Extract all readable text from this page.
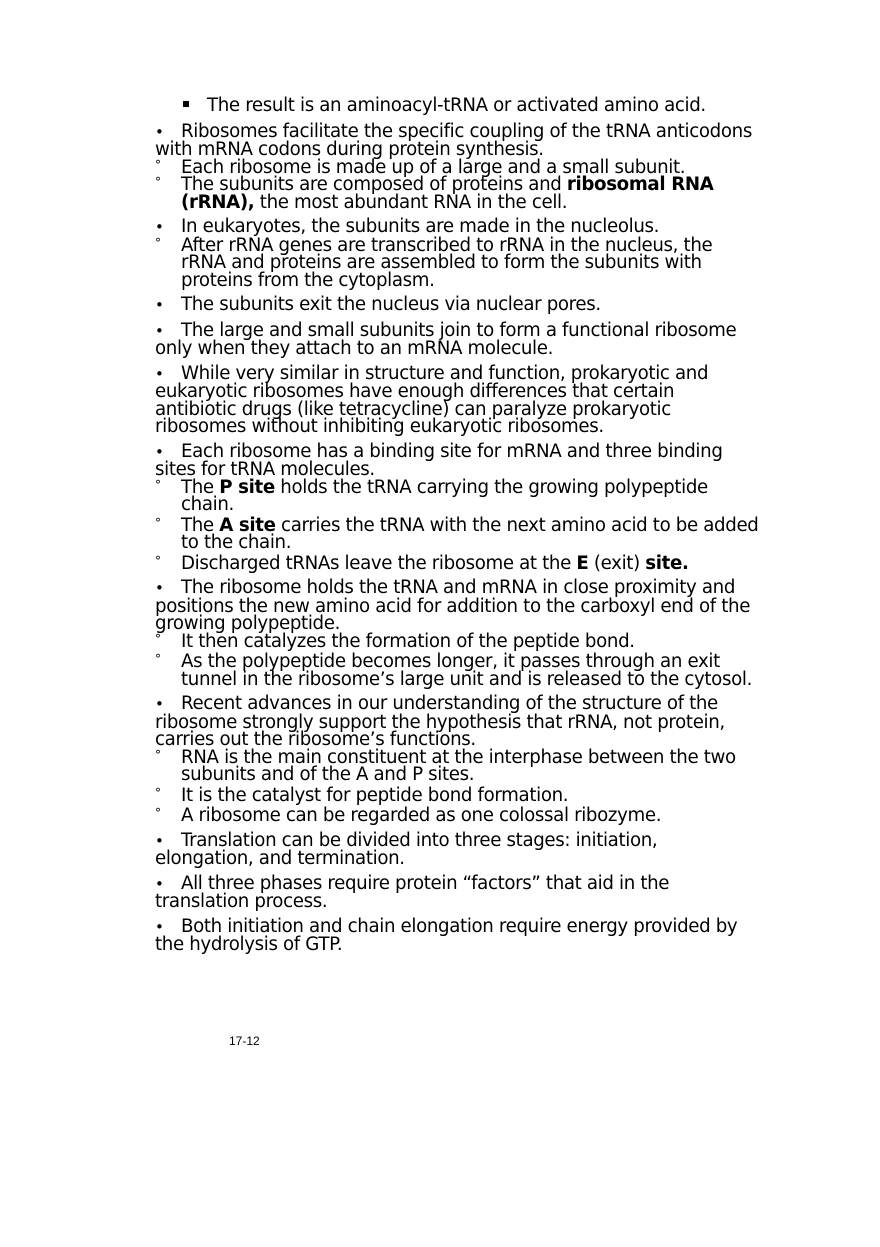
The result is an aminoacyl-tRNA or activated amino acid.
• Ribosomes facilitate the specific coupling of the tRNA anticodons with mRNA codons during protein synthesis.
° Each ribosome is made up of a large and a small subunit.
° The subunits are composed of proteins and ribosomal RNA (rRNA), the most abundant RNA in the cell.
• In eukaryotes, the subunits are made in the nucleolus.
° After rRNA genes are transcribed to rRNA in the nucleus, the rRNA and proteins are assembled to form the subunits with proteins from the cytoplasm.
• The subunits exit the nucleus via nuclear pores.
• The large and small subunits join to form a functional ribosome only when they attach to an mRNA molecule.
• While very similar in structure and function, prokaryotic and eukaryotic ribosomes have enough differences that certain antibiotic drugs (like tetracycline) can paralyze prokaryotic ribosomes without inhibiting eukaryotic ribosomes.
• Each ribosome has a binding site for mRNA and three binding sites for tRNA molecules.
° The P site holds the tRNA carrying the growing polypeptide chain.
° The A site carries the tRNA with the next amino acid to be added to the chain.
° Discharged tRNAs leave the ribosome at the E (exit) site.
• The ribosome holds the tRNA and mRNA in close proximity and positions the new amino acid for addition to the carboxyl end of the growing polypeptide.
° It then catalyzes the formation of the peptide bond.
° As the polypeptide becomes longer, it passes through an exit tunnel in the ribosome’s large unit and is released to the cytosol.
• Recent advances in our understanding of the structure of the ribosome strongly support the hypothesis that rRNA, not protein, carries out the ribosome’s functions.
° RNA is the main constituent at the interphase between the two subunits and of the A and P sites.
° It is the catalyst for peptide bond formation.
° A ribosome can be regarded as one colossal ribozyme.
• Translation can be divided into three stages: initiation, elongation, and termination.
• All three phases require protein “factors” that aid in the translation process.
• Both initiation and chain elongation require energy provided by the hydrolysis of GTP.
17-12
